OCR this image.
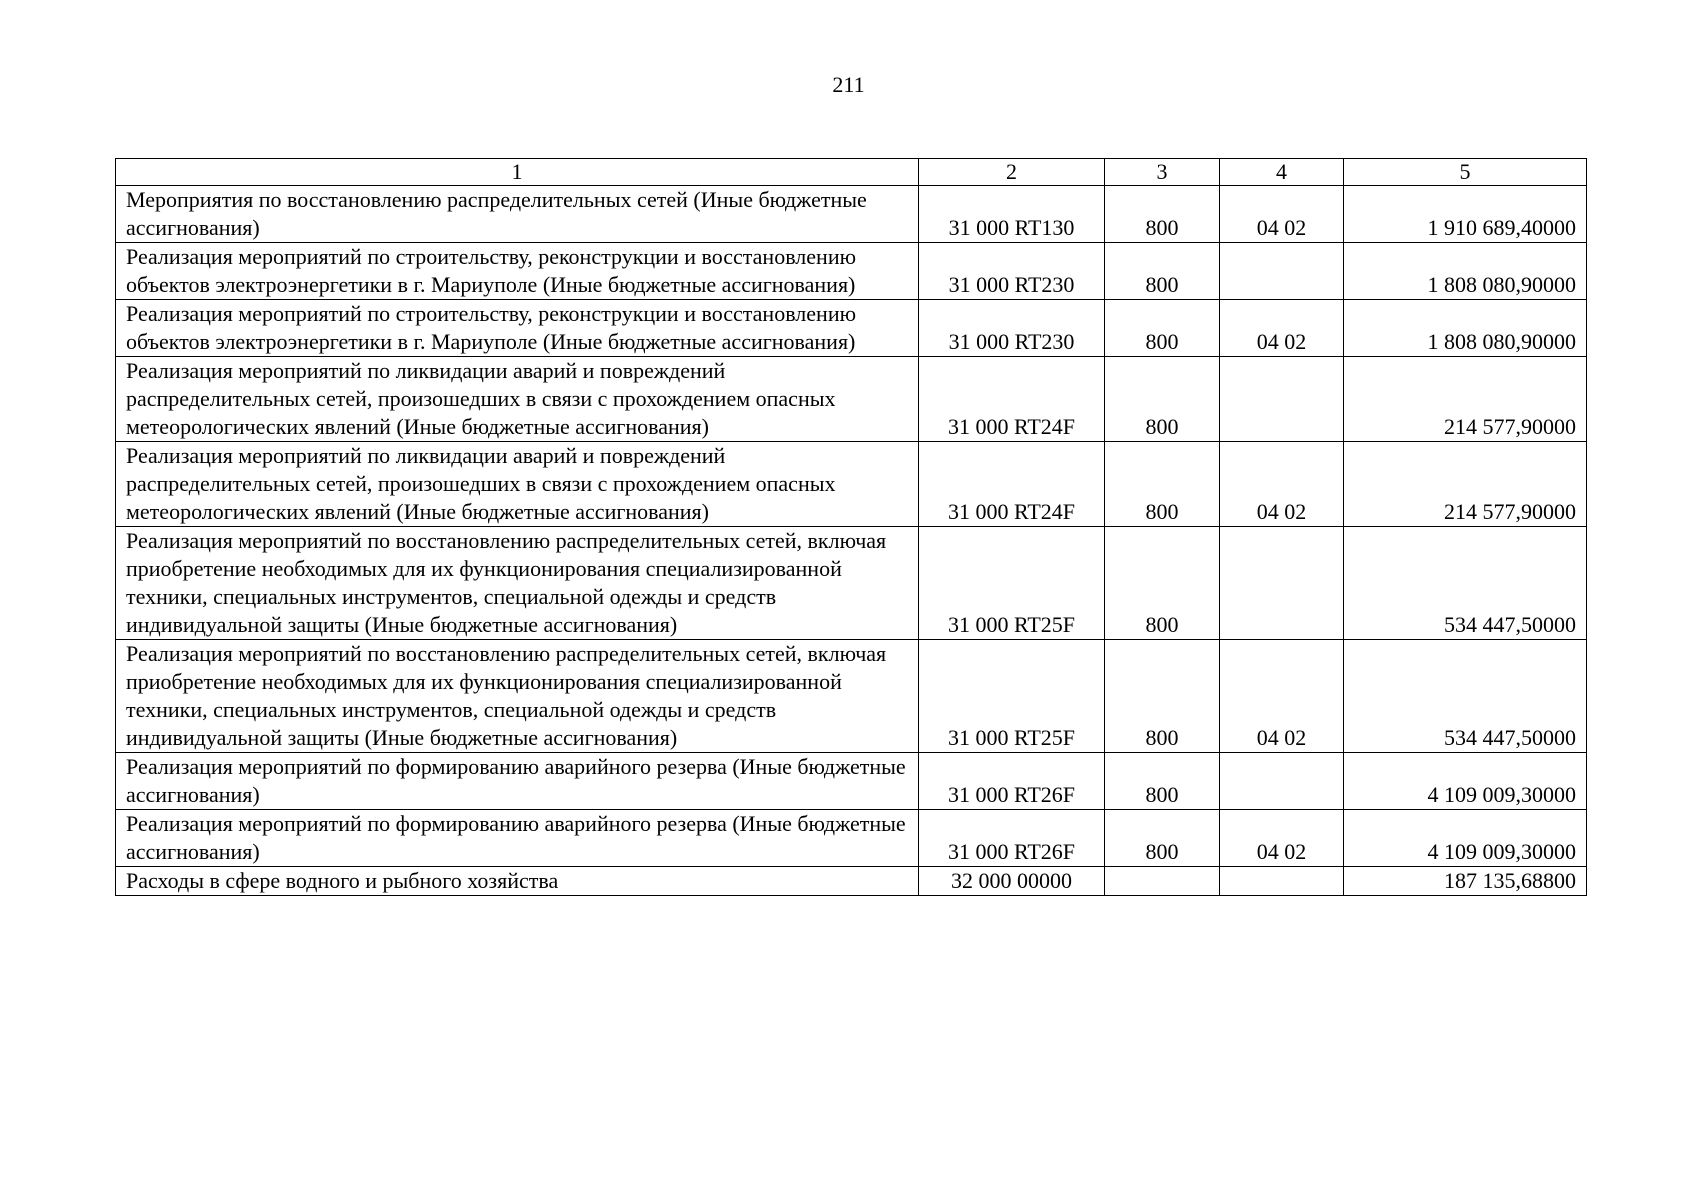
211
1	2	3	4	5
Мероприятия по восстановлению распределительных сетей (Иные бюджетные ассигнования)	31 000 RT130	800	04 02	1 910 689,40000
Реализация мероприятий по строительству, реконструкции и восстановлению объектов электроэнергетики в г. Мариуполе (Иные бюджетные ассигнования)	31 000 RT230	800		1 808 080,90000
Реализация мероприятий по строительству, реконструкции и восстановлению объектов электроэнергетики в г. Мариуполе (Иные бюджетные ассигнования)	31 000 RT230	800	04 02	1 808 080,90000
Реализация мероприятий по ликвидации аварий и повреждений распределительных сетей, произошедших в связи с прохождением опасных метеорологических явлений (Иные бюджетные ассигнования)	31 000 RT24F	800		214 577,90000
Реализация мероприятий по ликвидации аварий и повреждений распределительных сетей, произошедших в связи с прохождением опасных метеорологических явлений (Иные бюджетные ассигнования)	31 000 RT24F	800	04 02	214 577,90000
Реализация мероприятий по восстановлению распределительных сетей, включая приобретение необходимых для их функционирования специализированной техники, специальных инструментов, специальной одежды и средств индивидуальной защиты (Иные бюджетные ассигнования)	31 000 RT25F	800		534 447,50000
Реализация мероприятий по восстановлению распределительных сетей, включая приобретение необходимых для их функционирования специализированной техники, специальных инструментов, специальной одежды и средств индивидуальной защиты (Иные бюджетные ассигнования)	31 000 RT25F	800	04 02	534 447,50000
Реализация мероприятий по формированию аварийного резерва (Иные бюджетные ассигнования)	31 000 RT26F	800		4 109 009,30000
Реализация мероприятий по формированию аварийного резерва (Иные бюджетные ассигнования)	31 000 RT26F	800	04 02	4 109 009,30000
Расходы в сфере водного и рыбного хозяйства	32 000 00000			187 135,68800
